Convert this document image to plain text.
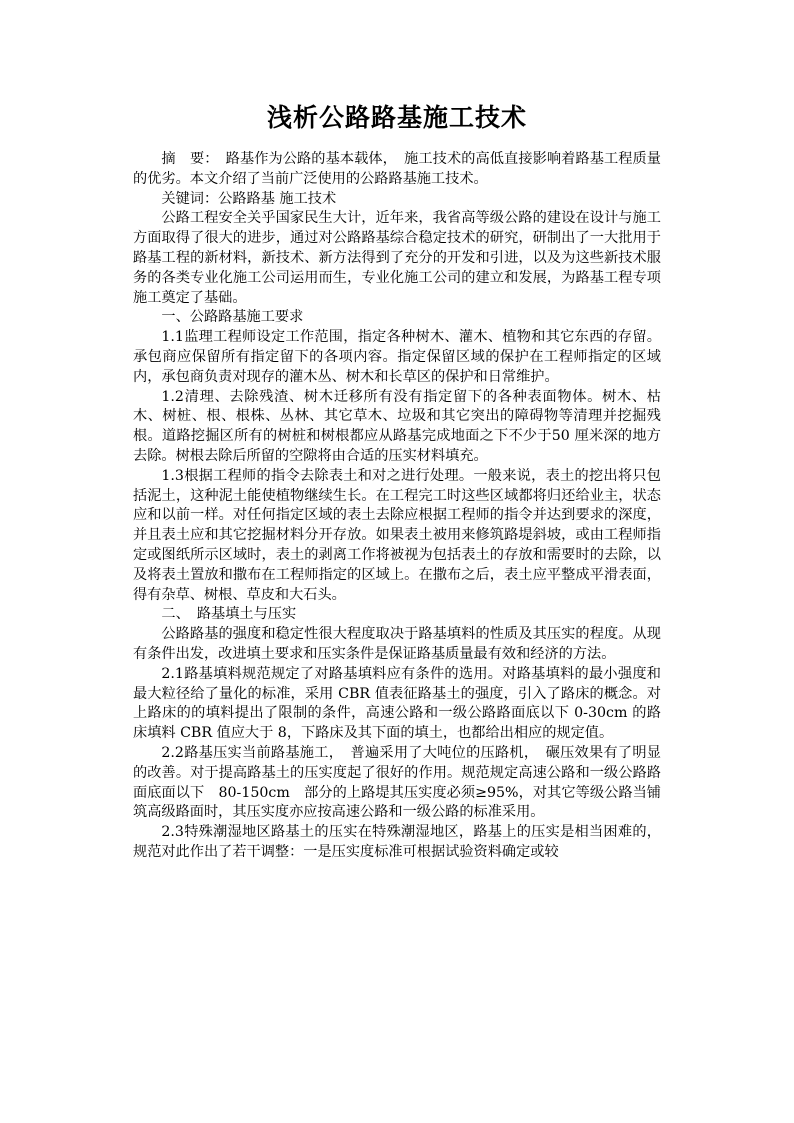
浅析公路路基施工技术

摘　要：　路基作为公路的基本载体，　施工技术的高低直接影响着路基工程质量的优劣。本文介绍了当前广泛使用的公路路基施工技术。

关键词：公路路基 施工技术

公路工程安全关乎国家民生大计，近年来，我省高等级公路的建设在设计与施工方面取得了很大的进步，通过对公路路基综合稳定技术的研究，研制出了一大批用于路基工程的新材料，新技术、新方法得到了充分的开发和引进，以及为这些新技术服务的各类专业化施工公司运用而生，专业化施工公司的建立和发展，为路基工程专项施工奠定了基础。

一、公路路基施工要求

1.1监理工程师设定工作范围，指定各种树木、灌木、植物和其它东西的存留。承包商应保留所有指定留下的各项内容。指定保留区域的保护在工程师指定的区域内，承包商负责对现存的灌木丛、树木和长草区的保护和日常维护。

1.2清理、去除残渣、树木迁移所有没有指定留下的各种表面物体。树木、枯木、树桩、根、根株、丛林、其它草木、垃圾和其它突出的障碍物等清理并挖掘残根。道路挖掘区所有的树桩和树根都应从路基完成地面之下不少于50 厘米深的地方去除。树根去除后所留的空隙将由合适的压实材料填充。

1.3根据工程师的指令去除表土和对之进行处理。一般来说，表土的挖出将只包括泥土，这种泥土能使植物继续生长。在工程完工时这些区域都将归还给业主，状态应和以前一样。对任何指定区域的表土去除应根据工程师的指令并达到要求的深度，并且表土应和其它挖掘材料分开存放。如果表土被用来修筑路堤斜坡，或由工程师指定或图纸所示区域时，表土的剥离工作将被视为包括表土的存放和需要时的去除，以及将表土置放和撒布在工程师指定的区域上。在撒布之后，表土应平整成平滑表面，得有杂草、树根、草皮和大石头。

二、　路基填土与压实

公路路基的强度和稳定性很大程度取决于路基填料的性质及其压实的程度。从现有条件出发，改进填土要求和压实条件是保证路基质量最有效和经济的方法。

2.1路基填料规范规定了对路基填料应有条件的选用。对路基填料的最小强度和最大粒径给了量化的标准，采用 CBR 值表征路基土的强度，引入了路床的概念。对上路床的的填料提出了限制的条件，高速公路和一级公路路面底以下 0-30cm 的路床填料 CBR 值应大于 8，下路床及其下面的填土，也都给出相应的规定值。

2.2路基压实当前路基施工，　普遍采用了大吨位的压路机，　碾压效果有了明显的改善。对于提高路基土的压实度起了很好的作用。规范规定高速公路和一级公路路面底面以下　80-150cm　部分的上路堤其压实度必须≥95%，对其它等级公路当铺筑高级路面时，其压实度亦应按高速公路和一级公路的标准采用。

2.3特殊潮湿地区路基土的压实在特殊潮湿地区，路基上的压实是相当困难的，规范对此作出了若干调整：一是压实度标准可根据试验资料确定或较
